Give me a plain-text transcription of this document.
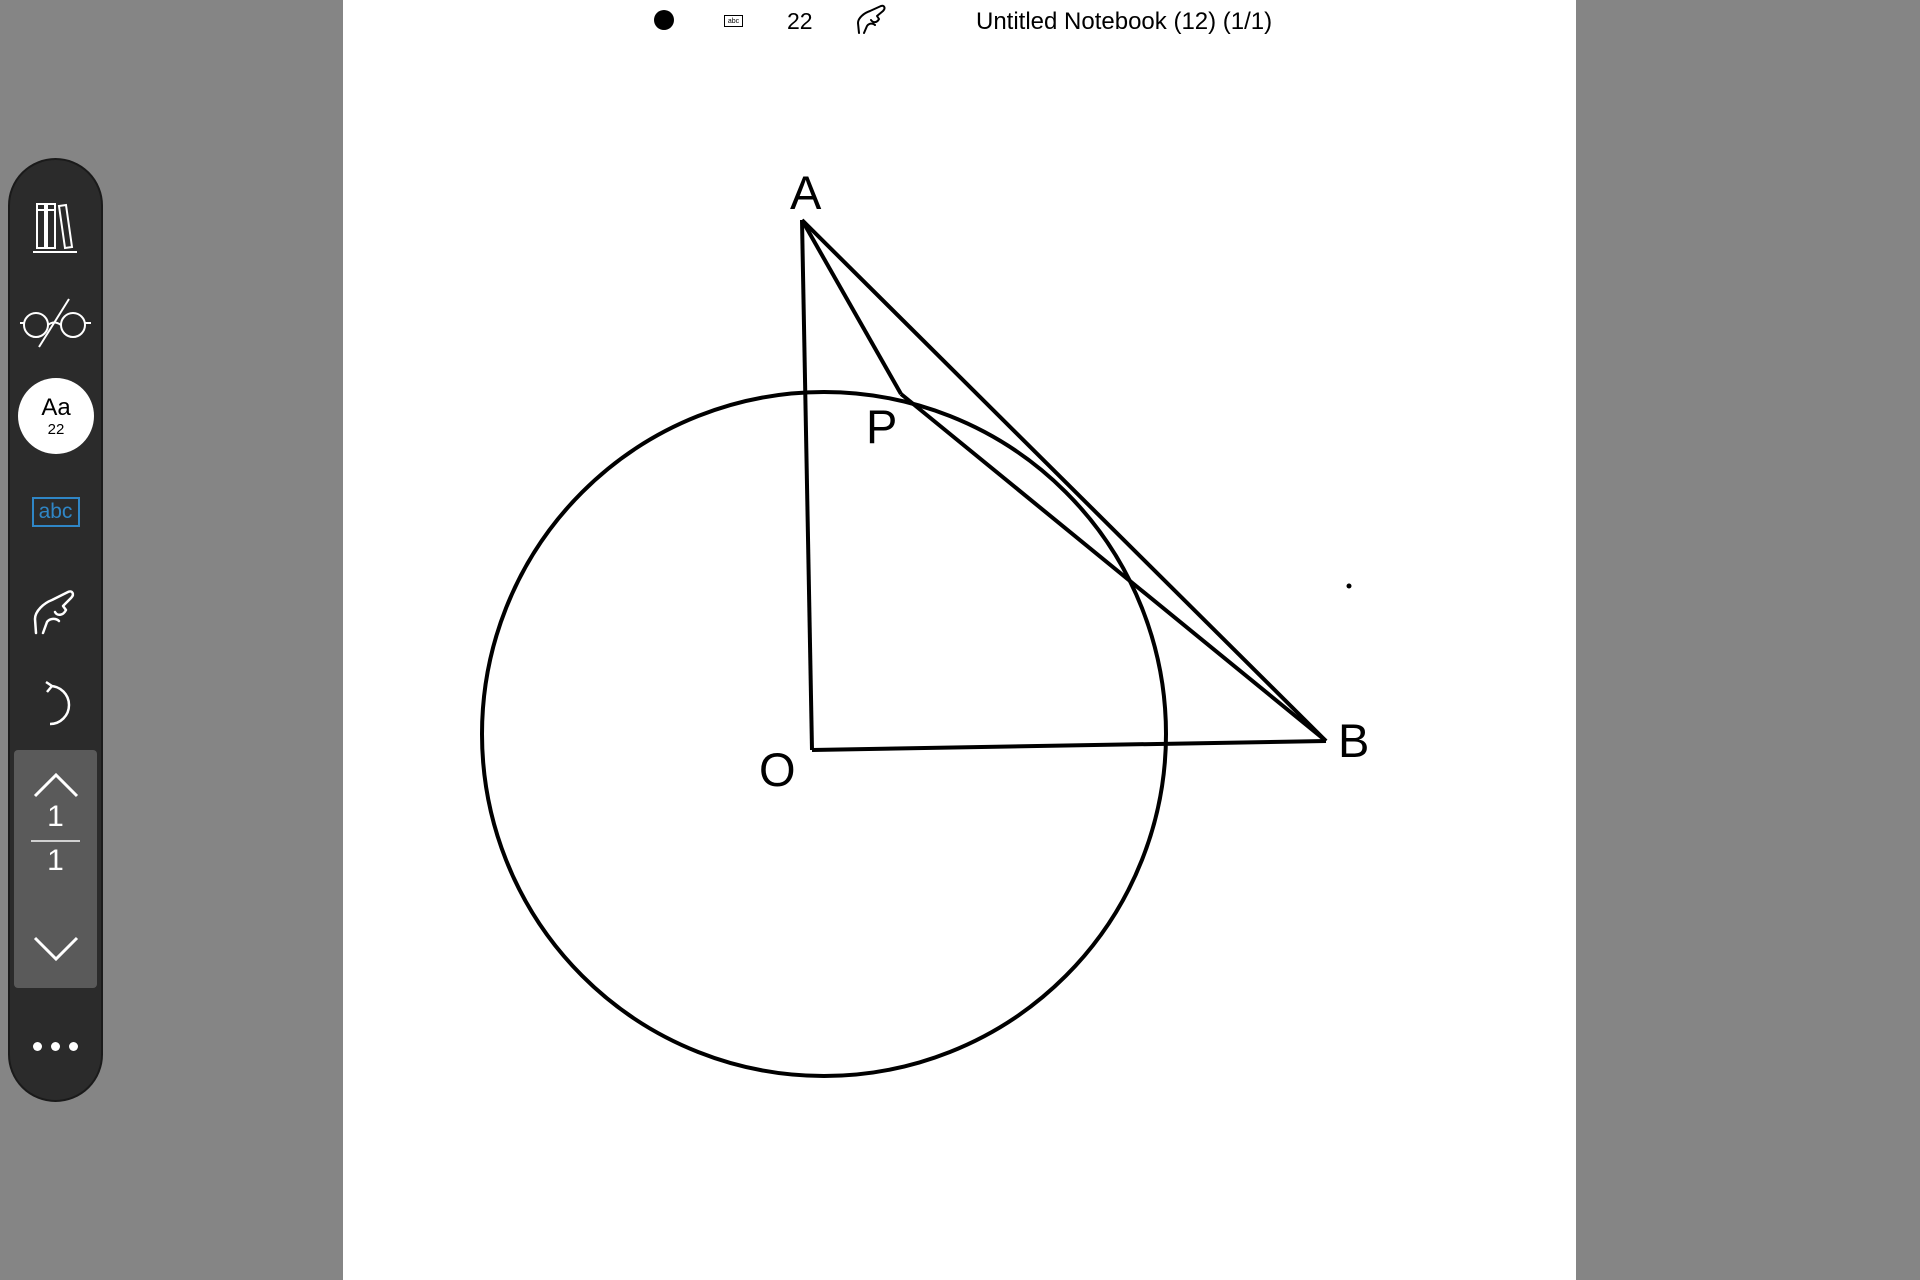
A
B
O
P
abc 22	Untitled Notebook (12) (1/1)
Aa
22
abc
1
1
